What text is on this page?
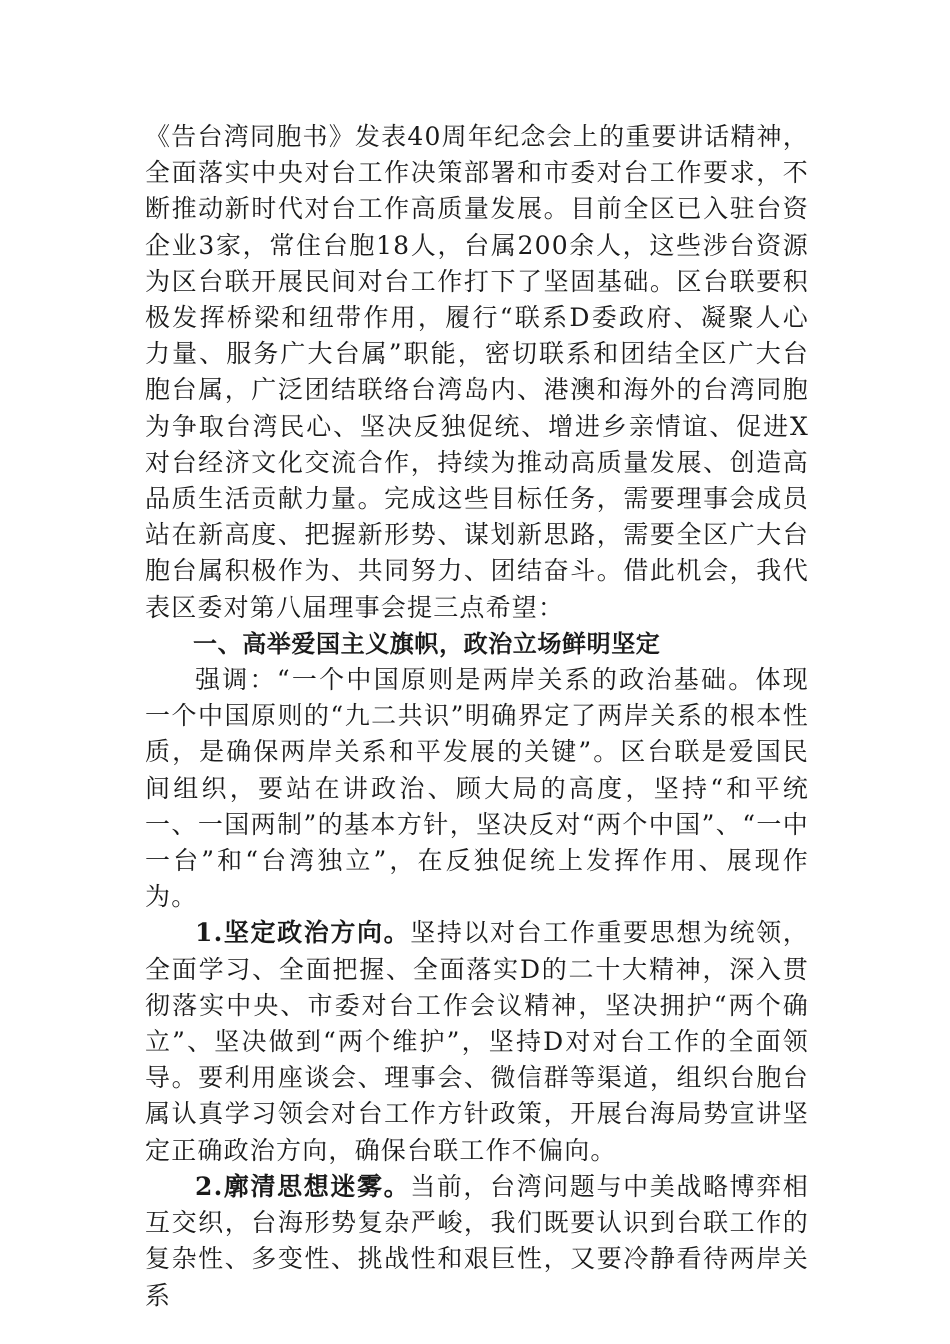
《告台湾同胞书》发表40周年纪念会上的重要讲话精神，全面落实中央对台工作决策部署和市委对台工作要求，不断推动新时代对台工作高质量发展。目前全区已入驻台资企业3家，常住台胞18人，台属200余人，这些涉台资源为区台联开展民间对台工作打下了坚固基础。区台联要积极发挥桥梁和纽带作用，履行“联系D委政府、凝聚人心力量、服务广大台属”职能，密切联系和团结全区广大台胞台属，广泛团结联络台湾岛内、港澳和海外的台湾同胞为争取台湾民心、坚决反独促统、增进乡亲情谊、促进X对台经济文化交流合作，持续为推动高质量发展、创造高品质生活贡献力量。完成这些目标任务，需要理事会成员站在新高度、把握新形势、谋划新思路，需要全区广大台胞台属积极作为、共同努力、团结奋斗。借此机会，我代表区委对第八届理事会提三点希望：

一、高举爱国主义旗帜，政治立场鲜明坚定

强调：“一个中国原则是两岸关系的政治基础。体现一个中国原则的“九二共识”明确界定了两岸关系的根本性质，是确保两岸关系和平发展的关键”。区台联是爱国民间组织，要站在讲政治、顾大局的高度，坚持“和平统一、一国两制”的基本方针，坚决反对“两个中国”、“一中一台”和“台湾独立”，在反独促统上发挥作用、展现作为。

1.坚定政治方向。坚持以对台工作重要思想为统领，全面学习、全面把握、全面落实D的二十大精神，深入贯彻落实中央、市委对台工作会议精神，坚决拥护“两个确立”、坚决做到“两个维护”，坚持D对对台工作的全面领导。要利用座谈会、理事会、微信群等渠道，组织台胞台属认真学习领会对台工作方针政策，开展台海局势宣讲坚定正确政治方向，确保台联工作不偏向。

2.廓清思想迷雾。当前，台湾问题与中美战略博弈相互交织，台海形势复杂严峻，我们既要认识到台联工作的复杂性、多变性、挑战性和艰巨性，又要冷静看待两岸关系
